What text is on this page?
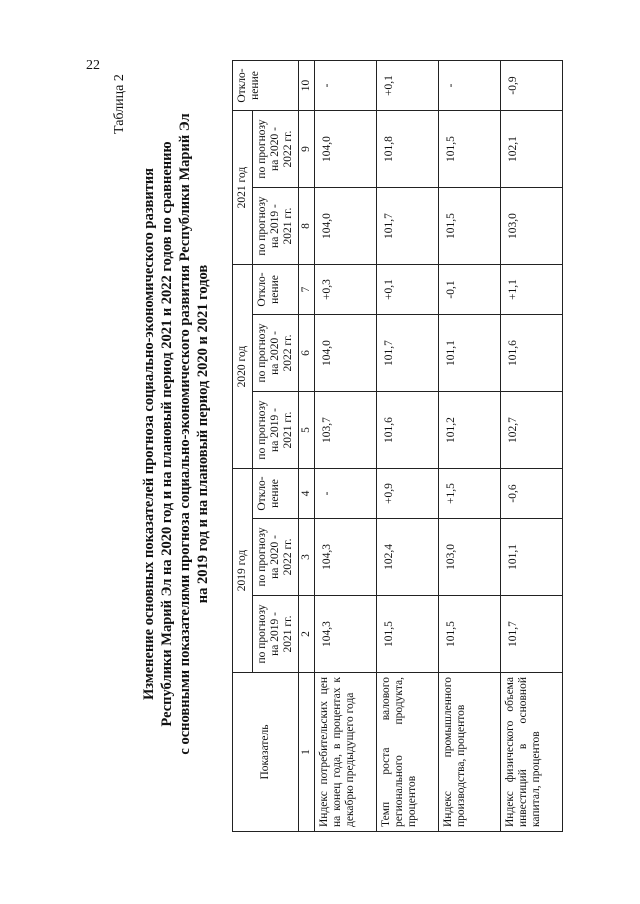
22
Таблица 2
Изменение основных показателей прогноза социально-экономического развития Республики Марий Эл на 2020 год и на плановый период 2021 и 2022 годов по сравнению с основными показателями прогноза социально-экономического развития Республики Марий Эл на 2019 год и на плановый период 2020 и 2021 годов
Показатель	2019 год			2020 год			2021 год		Откло-нение
	по прогнозу на 2019 - 2021 гг.	по прогнозу на 2020 - 2022 гг.	Откло-нение	по прогнозу на 2019 - 2021 гг.	по прогнозу на 2020 - 2022 гг.	Откло-нение	по прогнозу на 2019 - 2021 гг.	по прогнозу на 2020 - 2022 гг.	
1	2	3	4	5	6	7	8	9	10
Индекс потребительских цен на конец года, в процентах к декабрю предыдущего года	104,3	104,3	-	103,7	104,0	+0,3	104,0	104,0	-
Темп роста валового регионального продукта, процентов	101,5	102,4	+0,9	101,6	101,7	+0,1	101,7	101,8	+0,1
Индекс промышленного производства, процентов	101,5	103,0	+1,5	101,2	101,1	-0,1	101,5	101,5	-
Индекс физического объема инвестиций в основной капитал, процентов	101,7	101,1	-0,6	102,7	101,6	+1,1	103,0	102,1	-0,9
